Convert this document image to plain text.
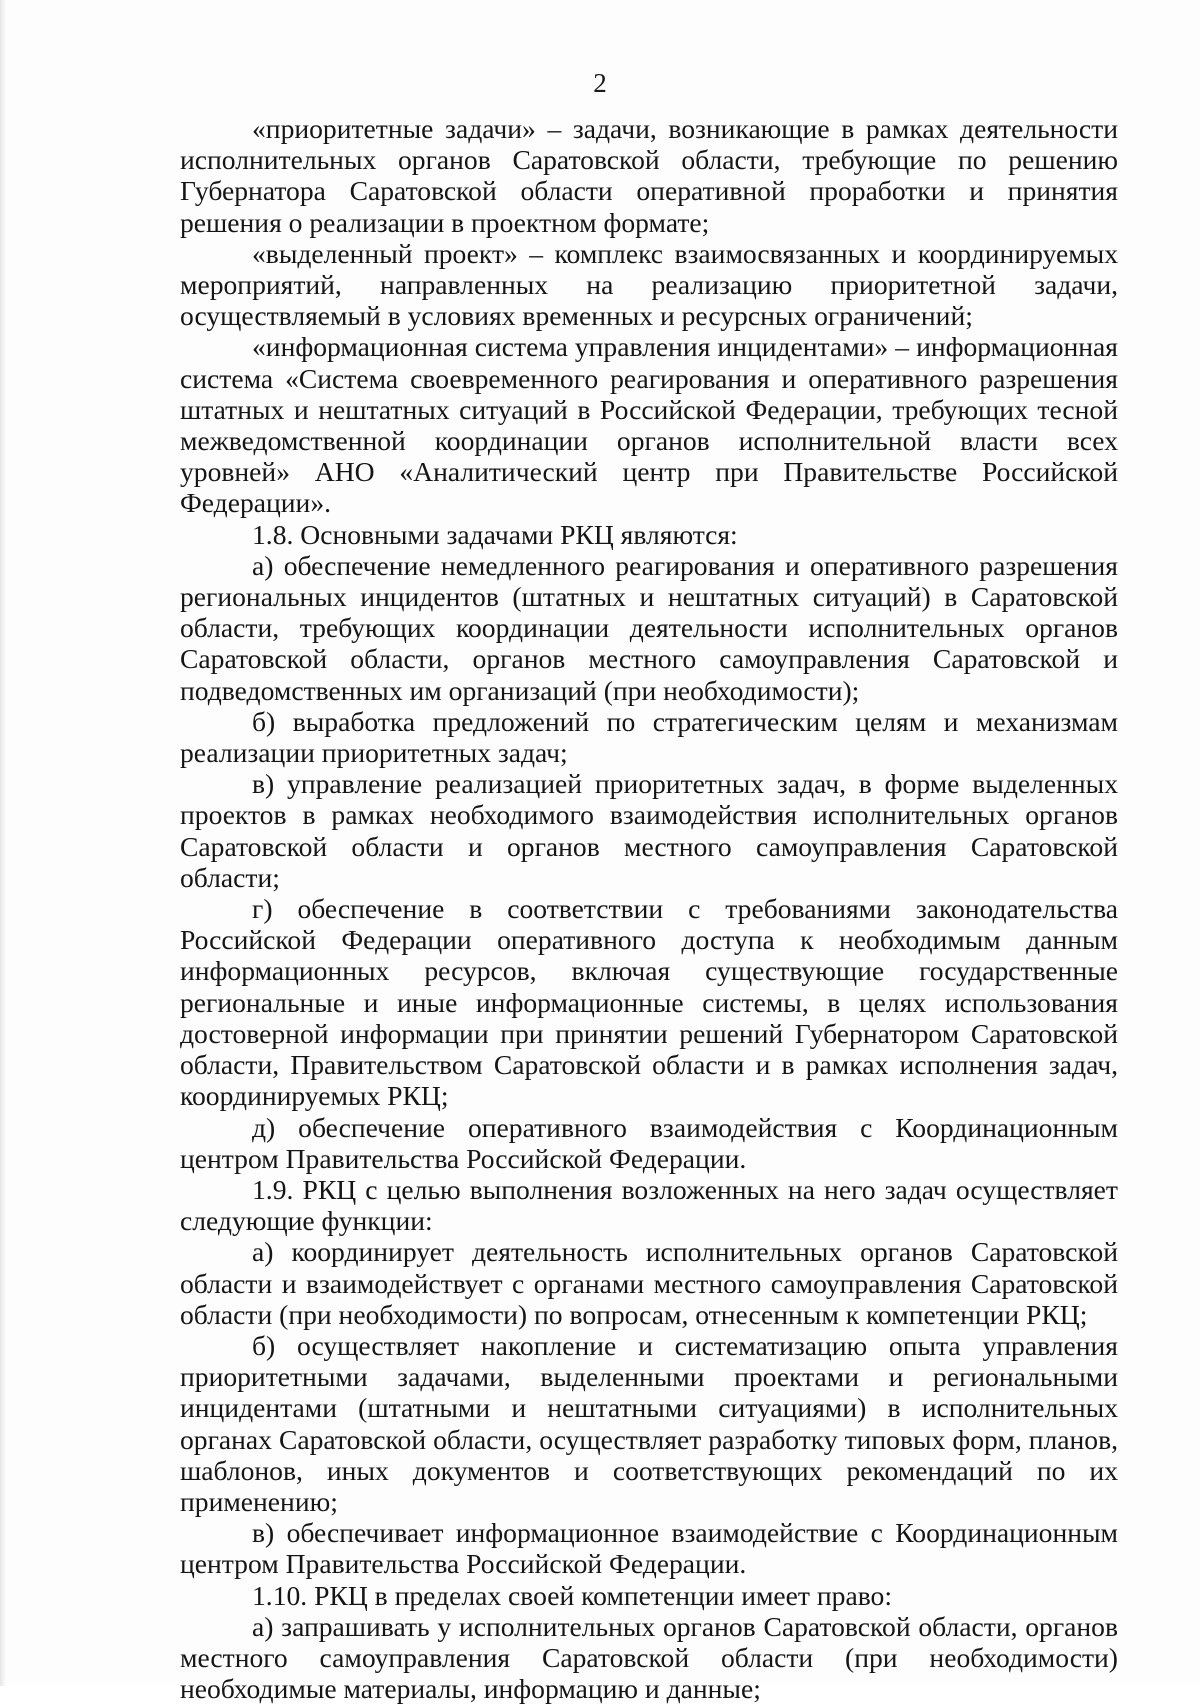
2

«приоритетные задачи» – задачи, возникающие в рамках деятельности исполнительных органов Саратовской области, требующие по решению Губернатора Саратовской области оперативной проработки и принятия решения о реализации в проектном формате;

«выделенный проект» – комплекс взаимосвязанных и координируемых мероприятий, направленных на реализацию приоритетной задачи, осуществляемый в условиях временных и ресурсных ограничений;

«информационная система управления инцидентами» – информационная система «Система своевременного реагирования и оперативного разрешения штатных и нештатных ситуаций в Российской Федерации, требующих тесной межведомственной координации органов исполнительной власти всех уровней» АНО «Аналитический центр при Правительстве Российской Федерации».

1.8. Основными задачами РКЦ являются:

а) обеспечение немедленного реагирования и оперативного разрешения региональных инцидентов (штатных и нештатных ситуаций) в Саратовской области, требующих координации деятельности исполнительных органов Саратовской области, органов местного самоуправления Саратовской и подведомственных им организаций (при необходимости);

б) выработка предложений по стратегическим целям и механизмам реализации приоритетных задач;

в) управление реализацией приоритетных задач, в форме выделенных проектов в рамках необходимого взаимодействия исполнительных органов Саратовской области и органов местного самоуправления Саратовской области;

г) обеспечение в соответствии с требованиями законодательства Российской Федерации оперативного доступа к необходимым данным информационных ресурсов, включая существующие государственные региональные и иные информационные системы, в целях использования достоверной информации при принятии решений Губернатором Саратовской области, Правительством Саратовской области и в рамках исполнения задач, координируемых РКЦ;

д) обеспечение оперативного взаимодействия с Координационным центром Правительства Российской Федерации.

1.9. РКЦ с целью выполнения возложенных на него задач осуществляет следующие функции:

а) координирует деятельность исполнительных органов Саратовской области и взаимодействует с органами местного самоуправления Саратовской области (при необходимости) по вопросам, отнесенным к компетенции РКЦ;

б) осуществляет накопление и систематизацию опыта управления приоритетными задачами, выделенными проектами и региональными инцидентами (штатными и нештатными ситуациями) в исполнительных органах Саратовской области, осуществляет разработку типовых форм, планов, шаблонов, иных документов и соответствующих рекомендаций по их применению;

в) обеспечивает информационное взаимодействие с Координационным центром Правительства Российской Федерации.

1.10. РКЦ в пределах своей компетенции имеет право:

а) запрашивать у исполнительных органов Саратовской области, органов местного самоуправления Саратовской области (при необходимости) необходимые материалы, информацию и данные;
